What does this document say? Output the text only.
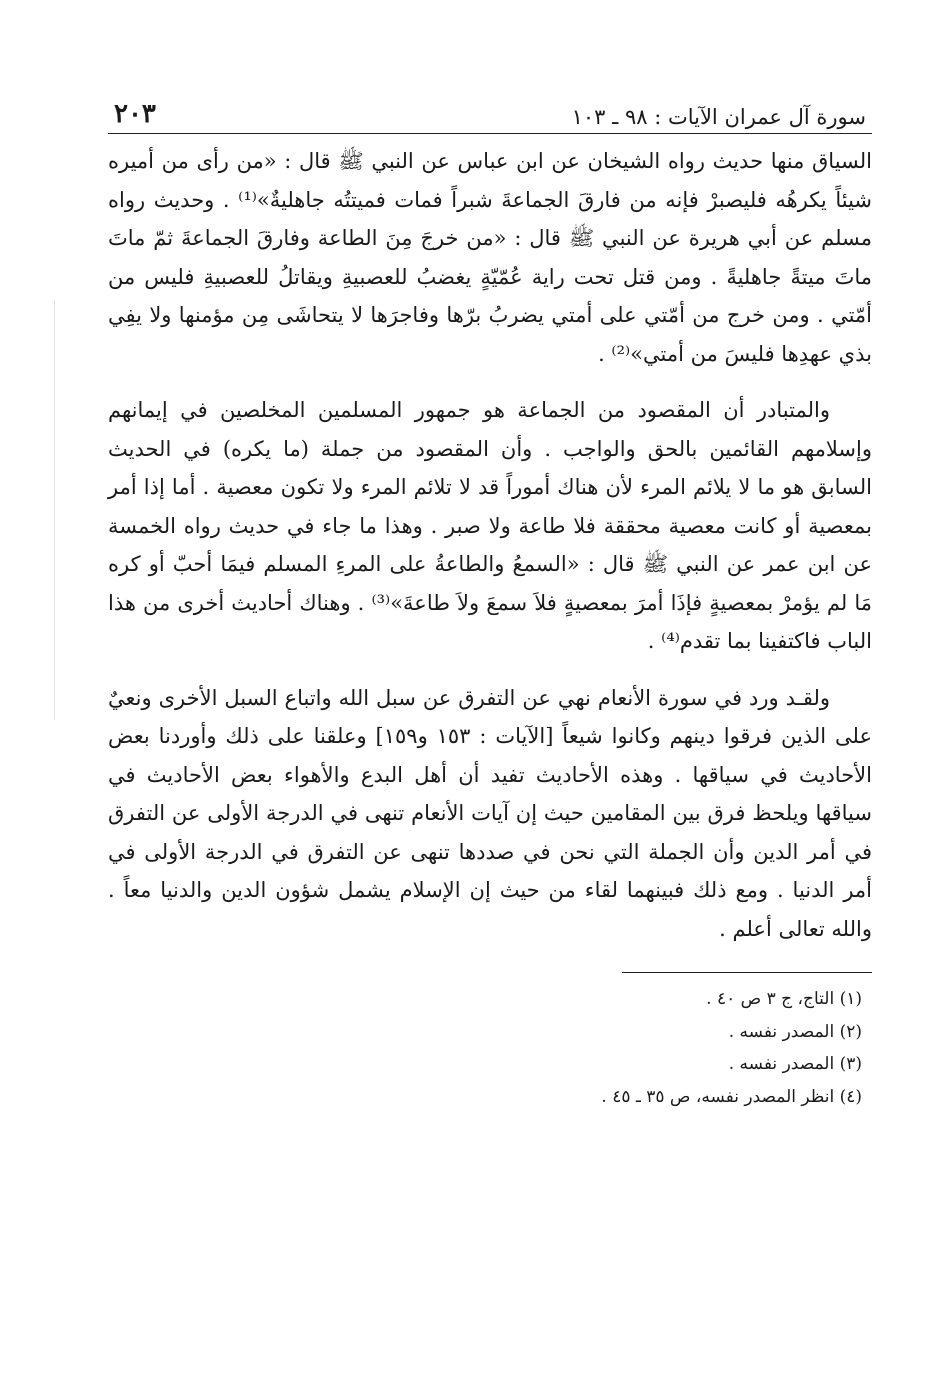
سورة آل عمران الآيات : ٩٨ ـ ١٠٣
٢٠٣

السياق منها حديث رواه الشيخان عن ابن عباس عن النبي ﷺ قال : «من رأى من أميره شيئاً يكرهُه فليصبرْ فإنه من فارقَ الجماعةَ شبراً فمات فميتتُه جاهليةٌ»⁽¹⁾ . وحديث رواه مسلم عن أبي هريرة عن النبي ﷺ قال : «من خرجَ مِنَ الطاعة وفارقَ الجماعةَ ثمّ ماتَ ماتَ ميتةً جاهليةً . ومن قتل تحت راية عُمّيّةٍ يغضبُ للعصبيةِ ويقاتلُ للعصبيةِ فليس من أمّتي . ومن خرج من أمّتي على أمتي يضربُ برّها وفاجرَها لا يتحاشَى مِن مؤمنها ولا يفِي بذي عهدِها فليسَ من أمتي»⁽²⁾ .

والمتبادر أن المقصود من الجماعة هو جمهور المسلمين المخلصين في إيمانهم وإسلامهم القائمين بالحق والواجب . وأن المقصود من جملة (ما يكره) في الحديث السابق هو ما لا يلائم المرء لأن هناك أموراً قد لا تلائم المرء ولا تكون معصية . أما إذا أمر بمعصية أو كانت معصية محققة فلا طاعة ولا صبر . وهذا ما جاء في حديث رواه الخمسة عن ابن عمر عن النبي ﷺ قال : «السمعُ والطاعةُ على المرءِ المسلم فيمَا أحبّ أو كره مَا لم يؤمرْ بمعصيةٍ فإذَا أمرَ بمعصيةٍ فلاَ سمعَ ولاَ طاعةَ»⁽³⁾ . وهناك أحاديث أخرى من هذا الباب فاكتفينا بما تقدم⁽⁴⁾ .

ولقـد ورد في سورة الأنعام نهي عن التفرق عن سبل الله واتباع السبل الأخرى ونعيٌ على الذين فرقوا دينهم وكانوا شيعاً [الآيات : ١٥٣ و١٥٩] وعلقنا على ذلك وأوردنا بعض الأحاديث في سياقها . وهذه الأحاديث تفيد أن أهل البدع والأهواء بعض الأحاديث في سياقها ويلحظ فرق بين المقامين حيث إن آيات الأنعام تنهى في الدرجة الأولى عن التفرق في أمر الدين وأن الجملة التي نحن في صددها تنهى عن التفرق في الدرجة الأولى في أمر الدنيا . ومع ذلك فبينهما لقاء من حيث إن الإسلام يشمل شؤون الدين والدنيا معاً . والله تعالى أعلم .

(١) التاج، ج ٣ ص ٤٠ .

(٢) المصدر نفسه .

(٣) المصدر نفسه .

(٤) انظر المصدر نفسه، ص ٣٥ ـ ٤٥ .
